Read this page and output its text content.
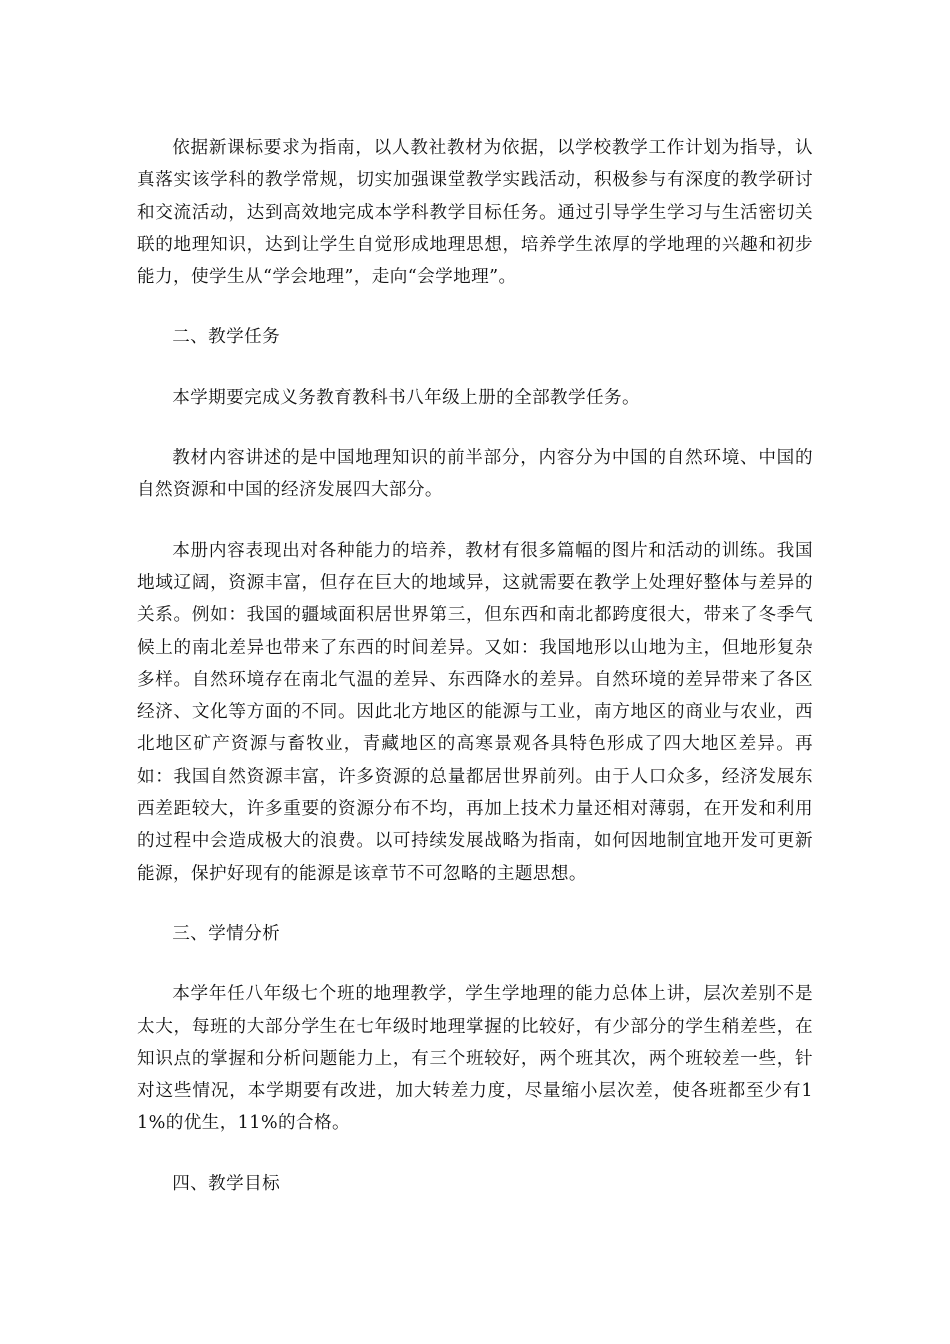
依据新课标要求为指南，以人教社教材为依据，以学校教学工作计划为指导，认真落实该学科的教学常规，切实加强课堂教学实践活动，积极参与有深度的教学研讨和交流活动，达到高效地完成本学科教学目标任务。通过引导学生学习与生活密切关联的地理知识，达到让学生自觉形成地理思想，培养学生浓厚的学地理的兴趣和初步能力，使学生从“学会地理”，走向“会学地理”。

二、教学任务

本学期要完成义务教育教科书八年级上册的全部教学任务。

教材内容讲述的是中国地理知识的前半部分，内容分为中国的自然环境、中国的自然资源和中国的经济发展四大部分。

本册内容表现出对各种能力的培养，教材有很多篇幅的图片和活动的训练。我国地域辽阔，资源丰富，但存在巨大的地域异，这就需要在教学上处理好整体与差异的关系。例如：我国的疆域面积居世界第三，但东西和南北都跨度很大，带来了冬季气候上的南北差异也带来了东西的时间差异。又如：我国地形以山地为主，但地形复杂多样。自然环境存在南北气温的差异、东西降水的差异。自然环境的差异带来了各区经济、文化等方面的不同。因此北方地区的能源与工业，南方地区的商业与农业，西北地区矿产资源与畜牧业，青藏地区的高寒景观各具特色形成了四大地区差异。再如：我国自然资源丰富，许多资源的总量都居世界前列。由于人口众多，经济发展东西差距较大，许多重要的资源分布不均，再加上技术力量还相对薄弱，在开发和利用的过程中会造成极大的浪费。以可持续发展战略为指南，如何因地制宜地开发可更新能源，保护好现有的能源是该章节不可忽略的主题思想。

三、学情分析

本学年任八年级七个班的地理教学，学生学地理的能力总体上讲，层次差别不是太大，每班的大部分学生在七年级时地理掌握的比较好，有少部分的学生稍差些，在知识点的掌握和分析问题能力上，有三个班较好，两个班其次，两个班较差一些，针对这些情况，本学期要有改进，加大转差力度，尽量缩小层次差，使各班都至少有11%的优生，11%的合格。

四、教学目标
